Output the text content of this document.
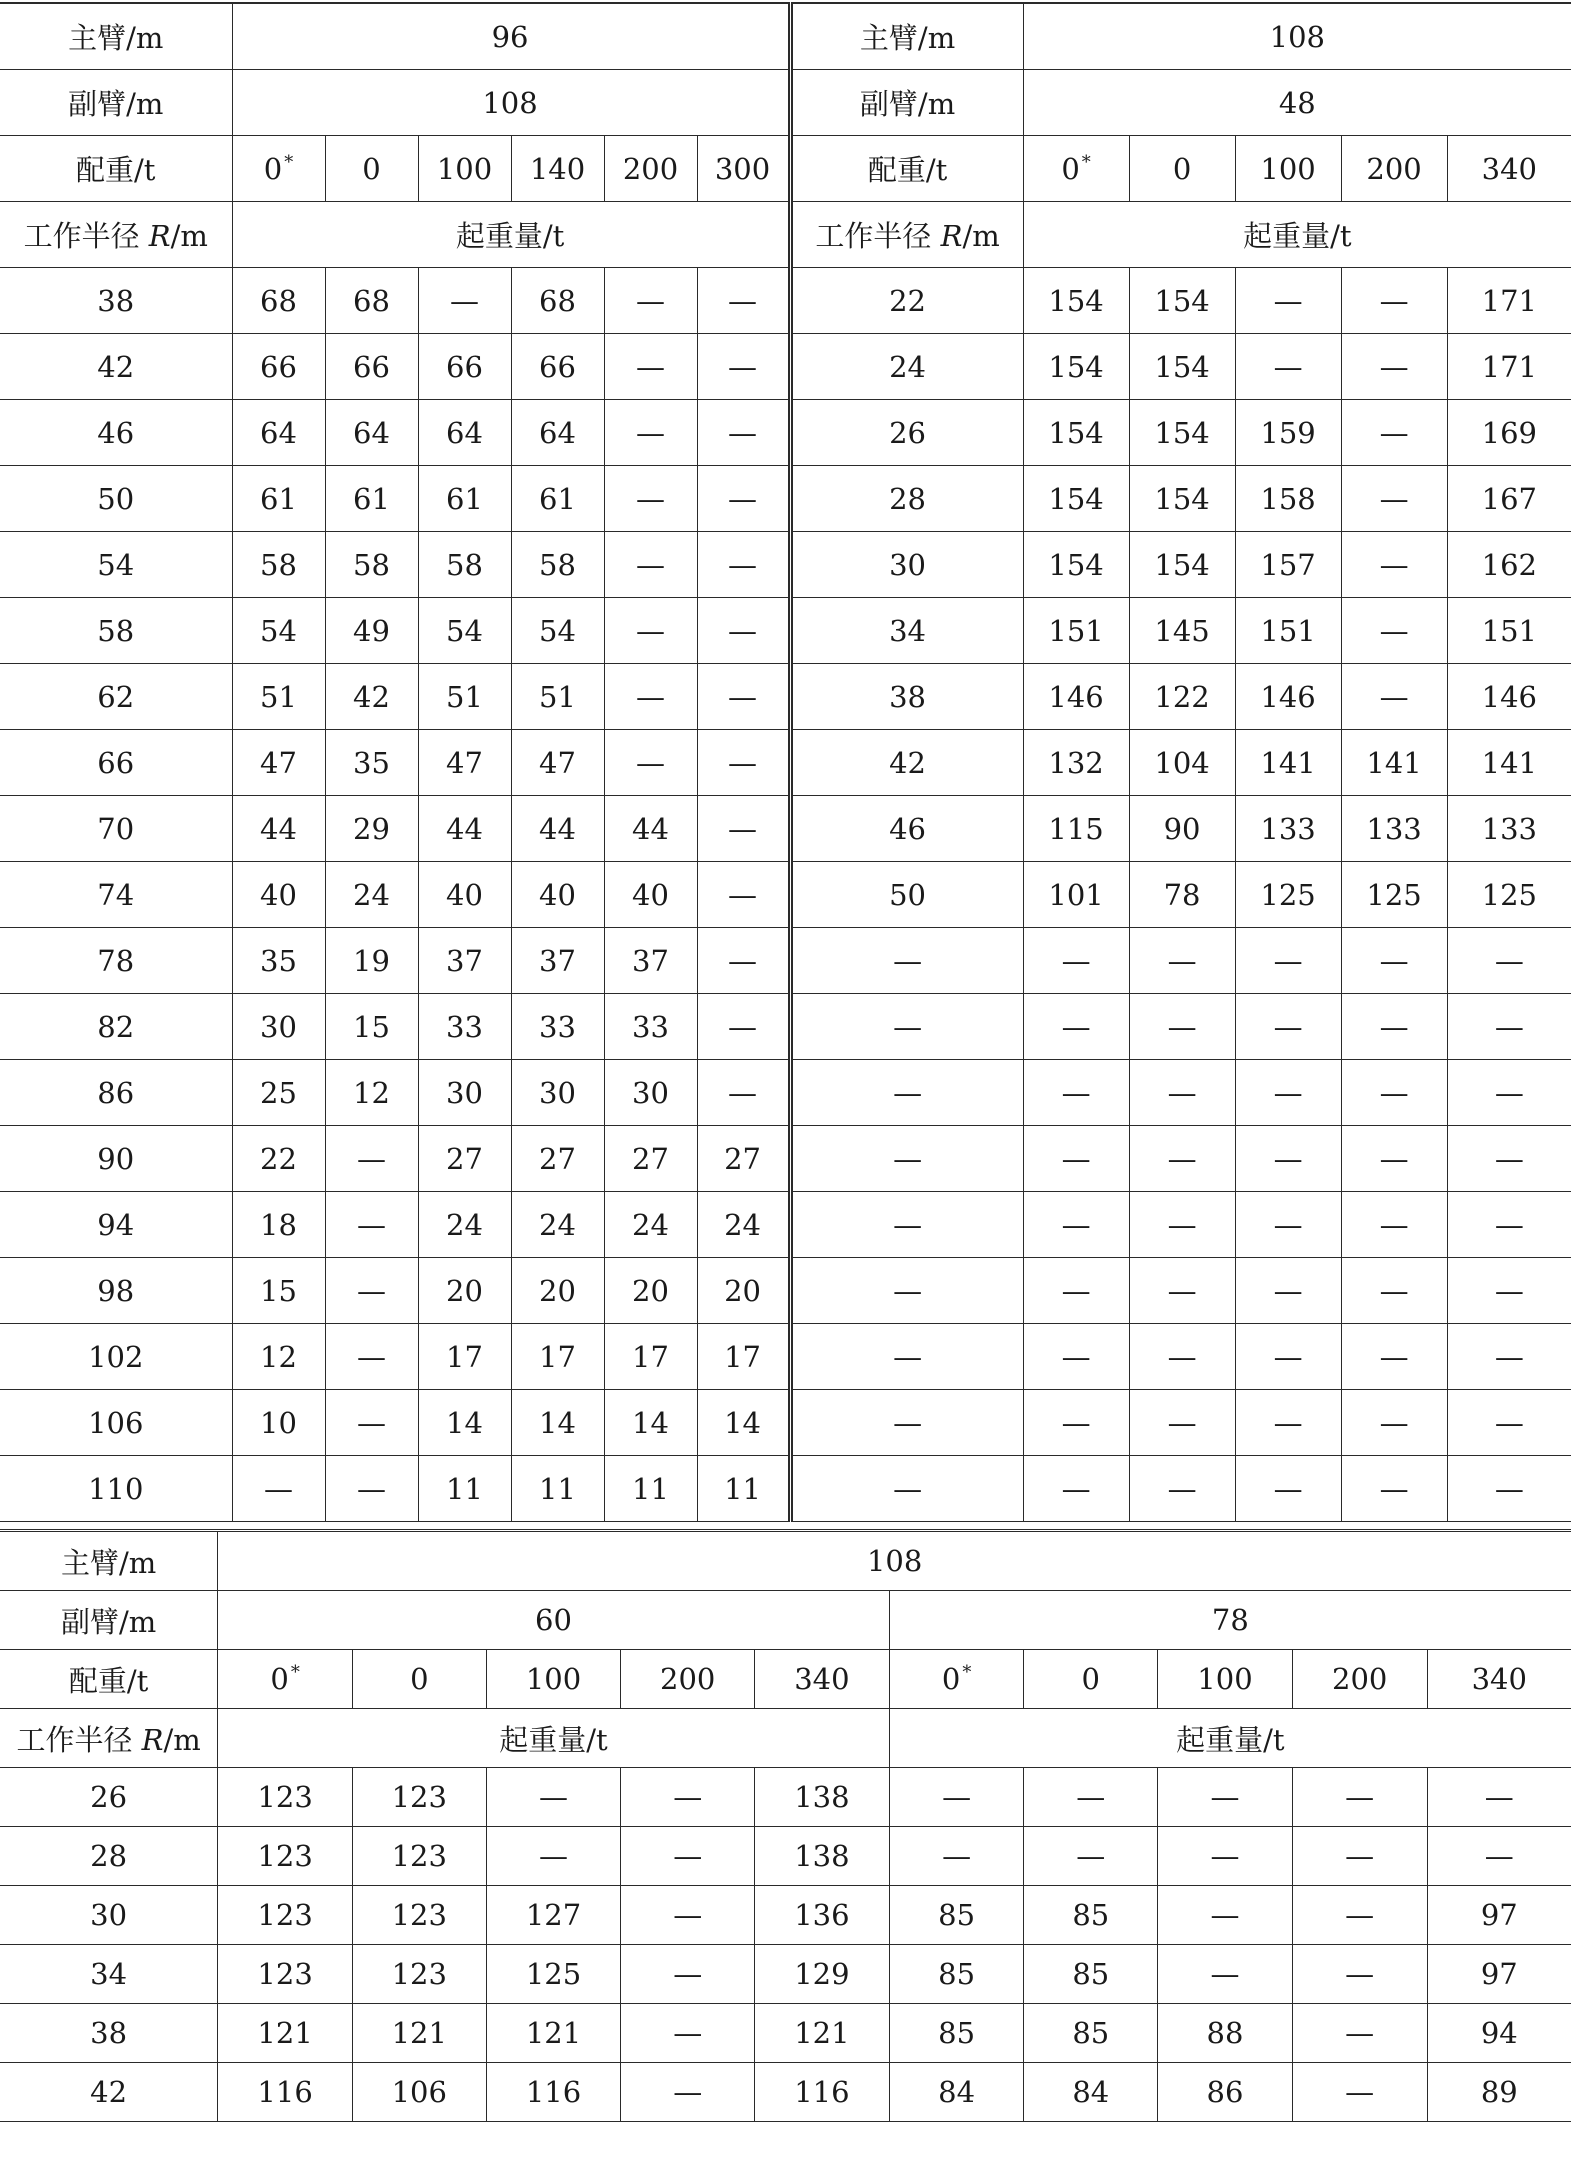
主臂/m	96						主臂/m	108				
副臂/m	108						副臂/m	48				
配重/t	0 *	0	100	140	200	300	配重/t	0 *	0	100	200	340
工作半径 R/m	起重量/t						工作半径 R/m	起重量/t				
38	68	68	—	68	—	—	22	154	154	—	—	171
42	66	66	66	66	—	—	24	154	154	—	—	171
46	64	64	64	64	—	—	26	154	154	159	—	169
50	61	61	61	61	—	—	28	154	154	158	—	167
54	58	58	58	58	—	—	30	154	154	157	—	162
58	54	49	54	54	—	—	34	151	145	151	—	151
62	51	42	51	51	—	—	38	146	122	146	—	146
66	47	35	47	47	—	—	42	132	104	141	141	141
70	44	29	44	44	44	—	46	115	90	133	133	133
74	40	24	40	40	40	—	50	101	78	125	125	125
78	35	19	37	37	37	—	—	—	—	—	—	—
82	30	15	33	33	33	—	—	—	—	—	—	—
86	25	12	30	30	30	—	—	—	—	—	—	—
90	22	—	27	27	27	27	—	—	—	—	—	—
94	18	—	24	24	24	24	—	—	—	—	—	—
98	15	—	20	20	20	20	—	—	—	—	—	—
102	12	—	17	17	17	17	—	—	—	—	—	—
106	10	—	14	14	14	14	—	—	—	—	—	—
110	—	—	11	11	11	11	—	—	—	—	—	—
主臂/m	108									
副臂/m	60					78				
配重/t	0 *	0	100	200	340	0 *	0	100	200	340
工作半径 R/m	起重量/t					起重量/t				
26	123	123	—	—	138	—	—	—	—	—
28	123	123	—	—	138	—	—	—	—	—
30	123	123	127	—	136	85	85	—	—	97
34	123	123	125	—	129	85	85	—	—	97
38	121	121	121	—	121	85	85	88	—	94
42	116	106	116	—	116	84	84	86	—	89
